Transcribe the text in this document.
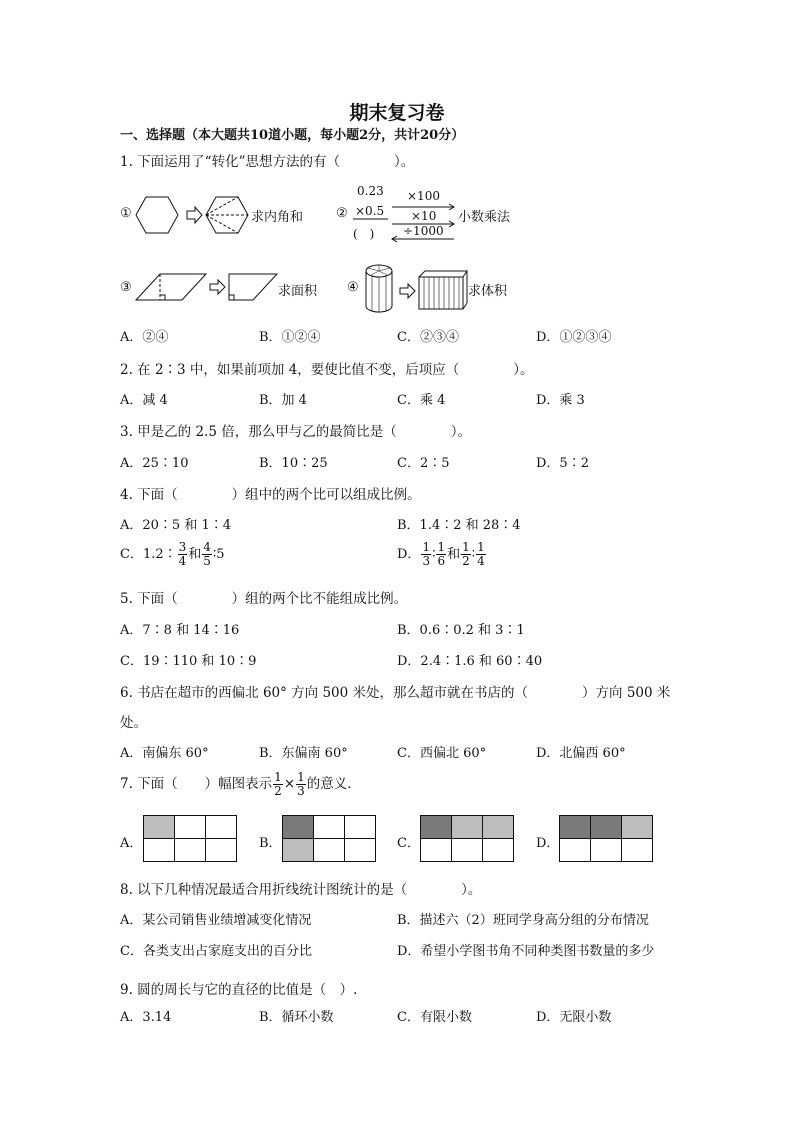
期末复习卷
一、选择题（本大题共10道小题，每小题2分，共计20分）
1. 下面运用了“转化”思想方法的有（　　　　）。
①	求内角和	②
0.23
×0.5
(　)
×100
×10
÷1000
小数乘法
③	求面积 ④	求体积
A．②④	B．①②④	C．②③④	D．①②③④
2. 在 2∶3 中，如果前项加 4，要使比值不变，后项应（　　　　）。
A．减 4	B．加 4	C．乘 4	D．乘 3
3. 甲是乙的 2.5 倍，那么甲与乙的最简比是（　　　　）。
A．25∶10	B．10∶25	C．2∶5	D．5∶2
4. 下面（　　　　）组中的两个比可以组成比例。
A．20∶5 和 1∶4	B．1.4∶2 和 28∶4
C．1.2∶ $\frac{3}{4}$ 和 $\frac{4}{5}$ ∶5	D． $\frac{1}{3}$ ∶ $\frac{1}{6}$ 和 $\frac{1}{2}$ ∶ $\frac{1}{4}$
5. 下面（　　　　）组的两个比不能组成比例。
A．7∶8 和 14∶16	B．0.6∶0.2 和 3∶1
C．19∶110 和 10∶9	D．2.4∶1.6 和 60∶40
6. 书店在超市的西偏北 60° 方向 500 米处，那么超市就在书店的（　　　　）方向 500 米
处。
A．南偏东 60°	B．东偏南 60°	C．西偏北 60°	D．北偏西 60°
7. 下面（　　）幅图表示 $\frac{1}{2} \times \frac{1}{3}$ 的意义．
A．

			B．

			C．

			D．

8. 以下几种情况最适合用折线统计图统计的是（　　　　）。
A．某公司销售业绩增减变化情况	B．描述六（2）班同学身高分组的分布情况
C．各类支出占家庭支出的百分比	D．希望小学图书角不同种类图书数量的多少
9. 圆的周长与它的直径的比值是（　）.
A．3.14	B．循环小数	C．有限小数	D．无限小数
